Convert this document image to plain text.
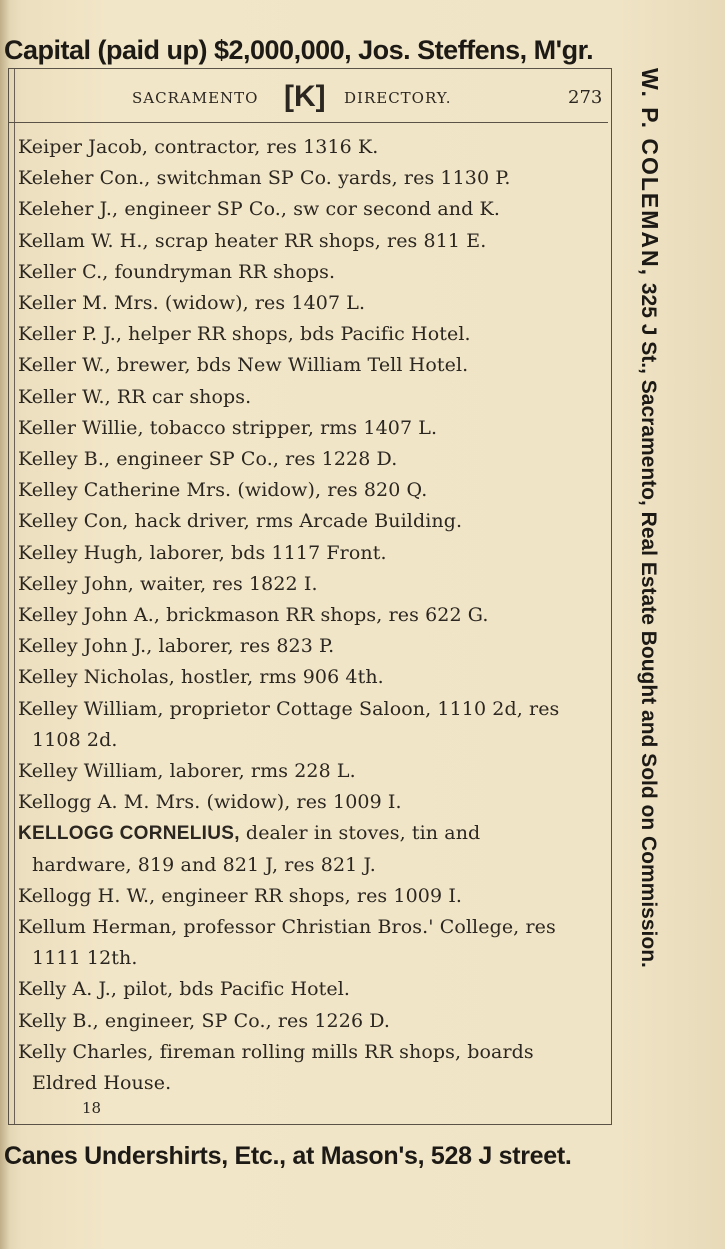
Capital (paid up) $2,000,000, Jos. Steffens, M'gr.
SACRAMENTO [K] DIRECTORY.	273
Keiper Jacob, contractor, res 1316 K.
Keleher Con., switchman SP Co. yards, res 1130 P.
Keleher J., engineer SP Co., sw cor second and K.
Kellam W. H., scrap heater RR shops, res 811 E.
Keller C., foundryman RR shops.
Keller M. Mrs. (widow), res 1407 L.
Keller P. J., helper RR shops, bds Pacific Hotel.
Keller W., brewer, bds New William Tell Hotel.
Keller W., RR car shops.
Keller Willie, tobacco stripper, rms 1407 L.
Kelley B., engineer SP Co., res 1228 D.
Kelley Catherine Mrs. (widow), res 820 Q.
Kelley Con, hack driver, rms Arcade Building.
Kelley Hugh, laborer, bds 1117 Front.
Kelley John, waiter, res 1822 I.
Kelley John A., brickmason RR shops, res 622 G.
Kelley John J., laborer, res 823 P.
Kelley Nicholas, hostler, rms 906 4th.
Kelley William, proprietor Cottage Saloon, 1110 2d, res
1108 2d.
Kelley William, laborer, rms 228 L.
Kellogg A. M. Mrs. (widow), res 1009 I.
KELLOGG CORNELIUS, dealer in stoves, tin and
hardware, 819 and 821 J, res 821 J.
Kellogg H. W., engineer RR shops, res 1009 I.
Kellum Herman, professor Christian Bros.' College, res
1111 12th.
Kelly A. J., pilot, bds Pacific Hotel.
Kelly B., engineer, SP Co., res 1226 D.
Kelly Charles, fireman rolling mills RR shops, boards
Eldred House.
18
W. P. COLEMAN, 325 J St., Sacramento, Real Estate Bought and Sold on Commission.
Canes Undershirts, Etc., at Mason's, 528 J street.
